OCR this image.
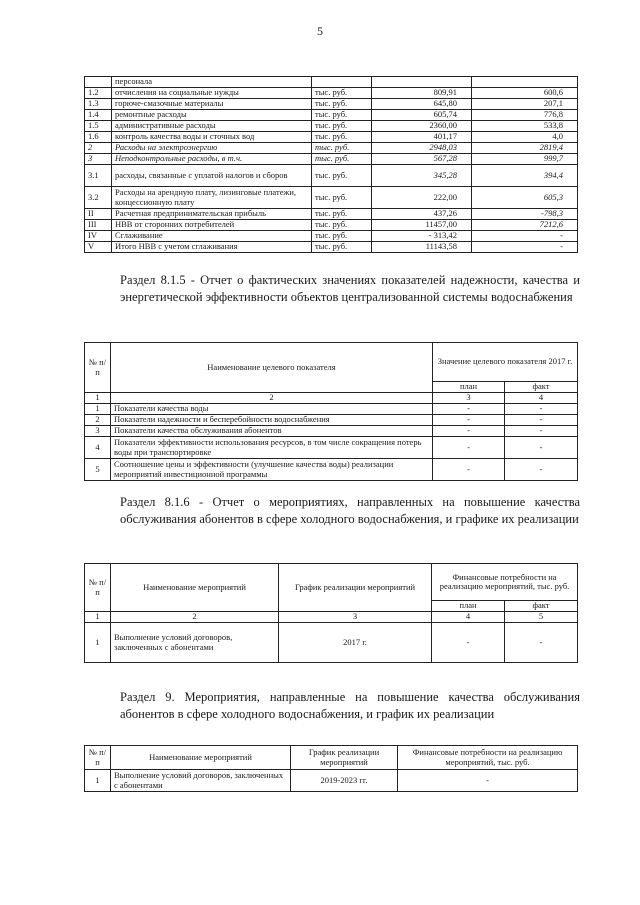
5
	персонала			
1.2	отчисления на социальные нужды	тыс. руб.	809,91	600,6
1.3	горюче-смазочные материалы	тыс. руб.	645,80	207,1
1.4	ремонтные расходы	тыс. руб.	605,74	776,8
1.5	административные расходы	тыс. руб.	2360,00	533,8
1.6	контроль качества воды и сточных вод	тыс. руб.	401,17	4,0
2	Расходы на электроэнергию	тыс. руб.	2948,03	2819,4
3	Неподконтрольные расходы, в т.ч.	тыс. руб.	567,28	999,7
3.1	расходы, связанные с уплатой налогов и сборов	тыс. руб.	345,28	394,4
3.2	Расходы на арендную плату, лизинговые платежи, концессионную плату	тыс. руб.	222,00	605,3
II	Расчетная предпринимательская прибыль	тыс. руб.	437,26	-798,3
III	НВВ от сторонних потребителей	тыс. руб.	11457,00	7212,6
IV	Сглаживание	тыс. руб.	- 313,42	-
V	Итого НВВ с учетом сглаживания	тыс. руб.	11143,58	-
Раздел 8.1.5 - Отчет о фактических значениях показателей надежности, качества и энергетической эффективности объектов централизованной системы водоснабжения
№ п/п	Наименование целевого показателя	Значение целевого показателя 2017 г.	
		план	факт
1	2	3	4
1	Показатели качества воды	-	-
2	Показатели надежности и бесперебойности водоснабжения	-	-
3	Показатели качества обслуживания абонентов	-	-
4	Показатели эффективности использования ресурсов, в том числе сокращения потерь воды при транспортировке	-	-
5	Соотношение цены и эффективности (улучшение качества воды) реализации мероприятий инвестиционной программы	-	-
Раздел 8.1.6 - Отчет о мероприятиях, направленных на повышение качества обслуживания абонентов в сфере холодного водоснабжения, и графике их реализации
№ п/п	Наименование мероприятий	График реализации мероприятий	Финансовые потребности на реализацию мероприятий, тыс. руб.	
			план	факт
1	2	3	4	5
1	Выполнение условий договоров, заключенных с абонентами	2017 г.	-	-
Раздел 9. Мероприятия, направленные на повышение качества обслуживания абонентов в сфере холодного водоснабжения, и график их реализации
№ п/п	Наименование мероприятий	График реализации мероприятий	Финансовые потребности на реализацию мероприятий, тыс. руб.
1	Выполнение условий договоров, заключенных с абонентами	2019-2023 гг.	-
